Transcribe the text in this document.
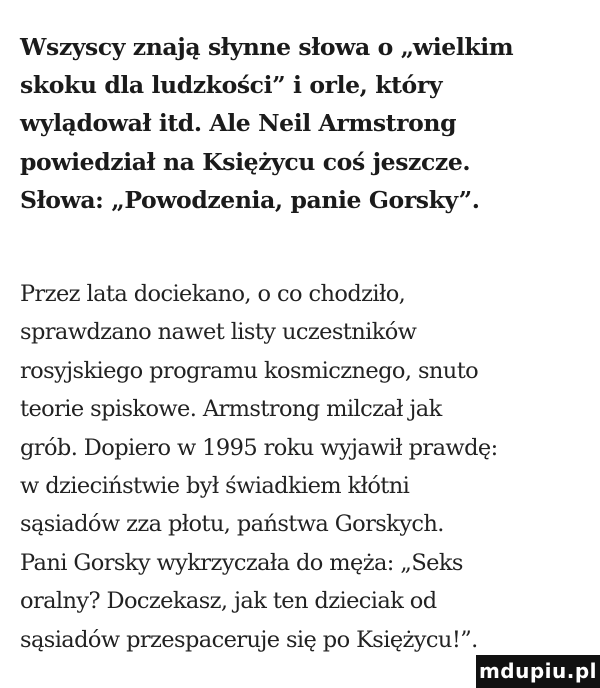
Wszyscy znają słynne słowa o „wielkim
skoku dla ludzkości” i orle, który
wylądował itd. Ale Neil Armstrong
powiedział na Księżycu coś jeszcze.
Słowa: „Powodzenia, panie Gorsky”.

Przez lata dociekano, o co chodziło,
sprawdzano nawet listy uczestników
rosyjskiego programu kosmicznego, snuto
teorie spiskowe. Armstrong milczał jak
grób. Dopiero w 1995 roku wyjawił prawdę:
w dzieciństwie był świadkiem kłótni
sąsiadów zza płotu, państwa Gorskych.
Pani Gorsky wykrzyczała do męża: „Seks
oralny? Doczekasz, jak ten dzieciak od
sąsiadów przespaceruje się po Księżycu!”.

mdupiu.pl
